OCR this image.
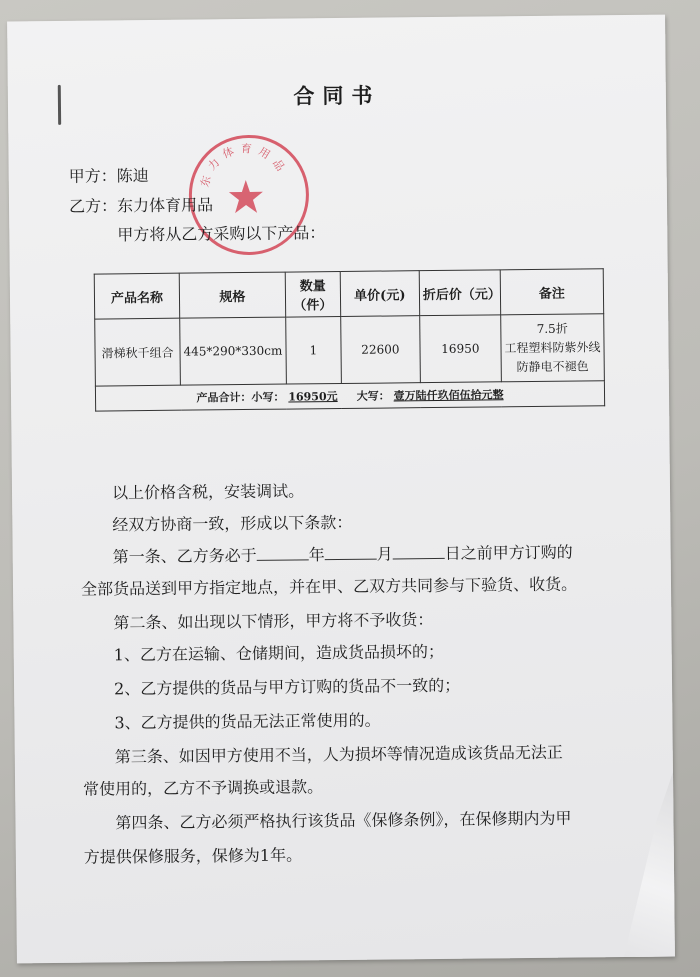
合同书
东力体育用品
甲方：陈迪
乙方：东力体育用品
甲方将从乙方采购以下产品：
产品名称	规格	数量（件）	单价(元)	折后价（元）	备注
滑梯秋千组合	445*290*330cm	1	22600	16950	7.5折
工程塑料防紫外线
防静电不褪色

产品合计：小写： 16950元 大写： 壹万陆仟玖佰伍拾元整					
以上价格含税，安装调试。
经双方协商一致，形成以下条款：
第一条、乙方务必于	年	月	日之前甲方订购的
全部货品送到甲方指定地点，并在甲、乙双方共同参与下验货、收货。
第二条、如出现以下情形，甲方将不予收货：
1、乙方在运输、仓储期间，造成货品损坏的；
2、乙方提供的货品与甲方订购的货品不一致的；
3、乙方提供的货品无法正常使用的。
第三条、如因甲方使用不当，人为损坏等情况造成该货品无法正
常使用的，乙方不予调换或退款。
第四条、乙方必须严格执行该货品《保修条例》，在保修期内为甲
方提供保修服务，保修为1年。
